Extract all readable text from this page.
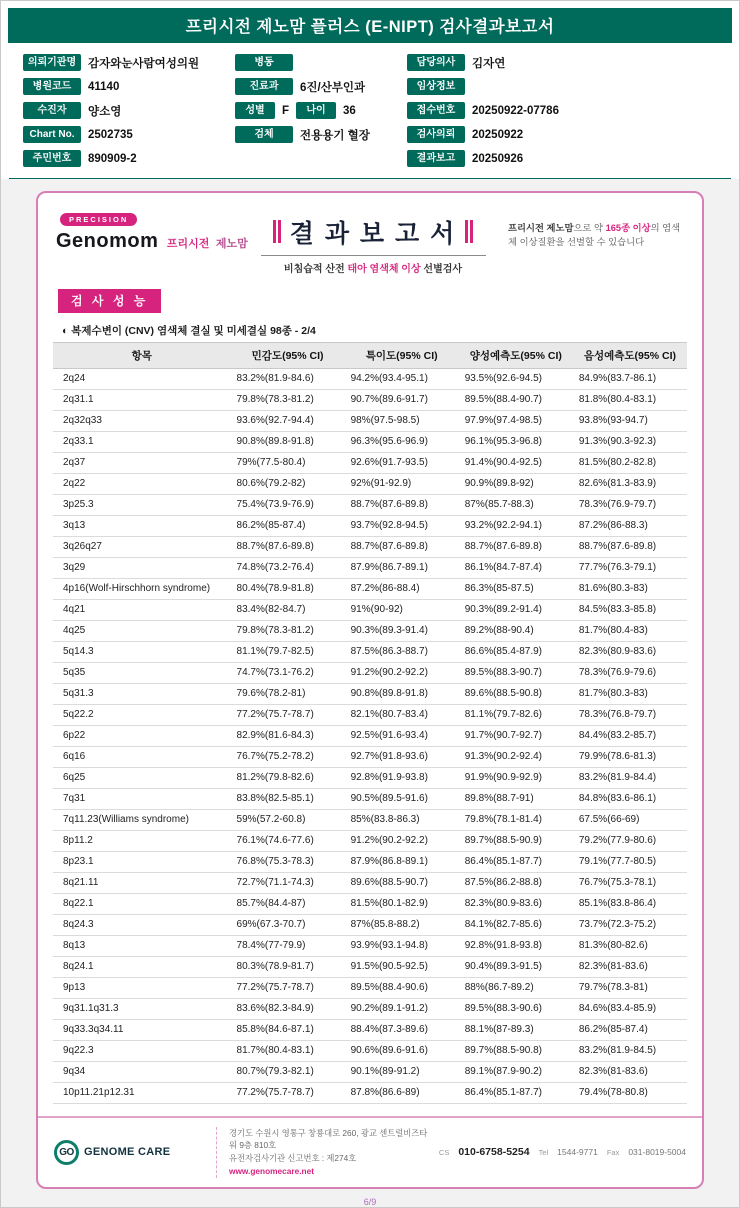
프리시전 제노맘 플러스 (E-NIPT) 검사결과보고서
의뢰기관명	감자와눈사람여성의원	병동	담당의사	김자연
병원코드	41140	진료과	6진/산부인과	임상정보
수진자	양소영	성별	F	나이	36	접수번호	20250922-07786
Chart No.	2502735	검체	전용용기 혈장	검사의뢰	20250922
주민번호	890909-2	결과보고	20250926
PRECISION
Genomom 프리시전 제노맘 결 과 보 고 서
비침습적 산전 태아 염색체 이상 선별검사
프리시전 제노맘으로 약 165종 이상의 염색체 이상질환을 선별할 수 있습니다
검 사 성 능
◐ 복제수변이 (CNV) 염색체 결실 및 미세결실 98종 - 2/4
항목	민감도(95% CI)	특이도(95% CI)	양성예측도(95% CI)	음성예측도(95% CI)
2q24	83.2%(81.9-84.6)	94.2%(93.4-95.1)	93.5%(92.6-94.5)	84.9%(83.7-86.1)
2q31.1	79.8%(78.3-81.2)	90.7%(89.6-91.7)	89.5%(88.4-90.7)	81.8%(80.4-83.1)
2q32q33	93.6%(92.7-94.4)	98%(97.5-98.5)	97.9%(97.4-98.5)	93.8%(93-94.7)
2q33.1	90.8%(89.8-91.8)	96.3%(95.6-96.9)	96.1%(95.3-96.8)	91.3%(90.3-92.3)
2q37	79%(77.5-80.4)	92.6%(91.7-93.5)	91.4%(90.4-92.5)	81.5%(80.2-82.8)
2q22	80.6%(79.2-82)	92%(91-92.9)	90.9%(89.8-92)	82.6%(81.3-83.9)
3p25.3	75.4%(73.9-76.9)	88.7%(87.6-89.8)	87%(85.7-88.3)	78.3%(76.9-79.7)
3q13	86.2%(85-87.4)	93.7%(92.8-94.5)	93.2%(92.2-94.1)	87.2%(86-88.3)
3q26q27	88.7%(87.6-89.8)	88.7%(87.6-89.8)	88.7%(87.6-89.8)	88.7%(87.6-89.8)
3q29	74.8%(73.2-76.4)	87.9%(86.7-89.1)	86.1%(84.7-87.4)	77.7%(76.3-79.1)
4p16(Wolf-Hirschhorn syndrome)	80.4%(78.9-81.8)	87.2%(86-88.4)	86.3%(85-87.5)	81.6%(80.3-83)
4q21	83.4%(82-84.7)	91%(90-92)	90.3%(89.2-91.4)	84.5%(83.3-85.8)
4q25	79.8%(78.3-81.2)	90.3%(89.3-91.4)	89.2%(88-90.4)	81.7%(80.4-83)
5q14.3	81.1%(79.7-82.5)	87.5%(86.3-88.7)	86.6%(85.4-87.9)	82.3%(80.9-83.6)
5q35	74.7%(73.1-76.2)	91.2%(90.2-92.2)	89.5%(88.3-90.7)	78.3%(76.9-79.6)
5q31.3	79.6%(78.2-81)	90.8%(89.8-91.8)	89.6%(88.5-90.8)	81.7%(80.3-83)
5q22.2	77.2%(75.7-78.7)	82.1%(80.7-83.4)	81.1%(79.7-82.6)	78.3%(76.8-79.7)
6p22	82.9%(81.6-84.3)	92.5%(91.6-93.4)	91.7%(90.7-92.7)	84.4%(83.2-85.7)
6q16	76.7%(75.2-78.2)	92.7%(91.8-93.6)	91.3%(90.2-92.4)	79.9%(78.6-81.3)
6q25	81.2%(79.8-82.6)	92.8%(91.9-93.8)	91.9%(90.9-92.9)	83.2%(81.9-84.4)
7q31	83.8%(82.5-85.1)	90.5%(89.5-91.6)	89.8%(88.7-91)	84.8%(83.6-86.1)
7q11.23(Williams syndrome)	59%(57.2-60.8)	85%(83.8-86.3)	79.8%(78.1-81.4)	67.5%(66-69)
8p11.2	76.1%(74.6-77.6)	91.2%(90.2-92.2)	89.7%(88.5-90.9)	79.2%(77.9-80.6)
8p23.1	76.8%(75.3-78.3)	87.9%(86.8-89.1)	86.4%(85.1-87.7)	79.1%(77.7-80.5)
8q21.11	72.7%(71.1-74.3)	89.6%(88.5-90.7)	87.5%(86.2-88.8)	76.7%(75.3-78.1)
8q22.1	85.7%(84.4-87)	81.5%(80.1-82.9)	82.3%(80.9-83.6)	85.1%(83.8-86.4)
8q24.3	69%(67.3-70.7)	87%(85.8-88.2)	84.1%(82.7-85.6)	73.7%(72.3-75.2)
8q13	78.4%(77-79.9)	93.9%(93.1-94.8)	92.8%(91.8-93.8)	81.3%(80-82.6)
8q24.1	80.3%(78.9-81.7)	91.5%(90.5-92.5)	90.4%(89.3-91.5)	82.3%(81-83.6)
9p13	77.2%(75.7-78.7)	89.5%(88.4-90.6)	88%(86.7-89.2)	79.7%(78.3-81)
9q31.1q31.3	83.6%(82.3-84.9)	90.2%(89.1-91.2)	89.5%(88.3-90.6)	84.6%(83.4-85.9)
9q33.3q34.11	85.8%(84.6-87.1)	88.4%(87.3-89.6)	88.1%(87-89.3)	86.2%(85-87.4)
9q22.3	81.7%(80.4-83.1)	90.6%(89.6-91.6)	89.7%(88.5-90.8)	83.2%(81.9-84.5)
9q34	80.7%(79.3-82.1)	90.1%(89-91.2)	89.1%(87.9-90.2)	82.3%(81-83.6)
10p11.21p12.31	77.2%(75.7-78.7)	87.8%(86.6-89)	86.4%(85.1-87.7)	79.4%(78-80.8)
GO GENOME CARE
경기도 수원시 영통구 창룡대로 260, 광교 센트럴비즈타워 9층 810호
유전자검사기관 신고번호 : 제274호
www.genomecare.net
CS 010-6758-5254 Tel 1544-9771 Fax 031-8019-5004
6/9
